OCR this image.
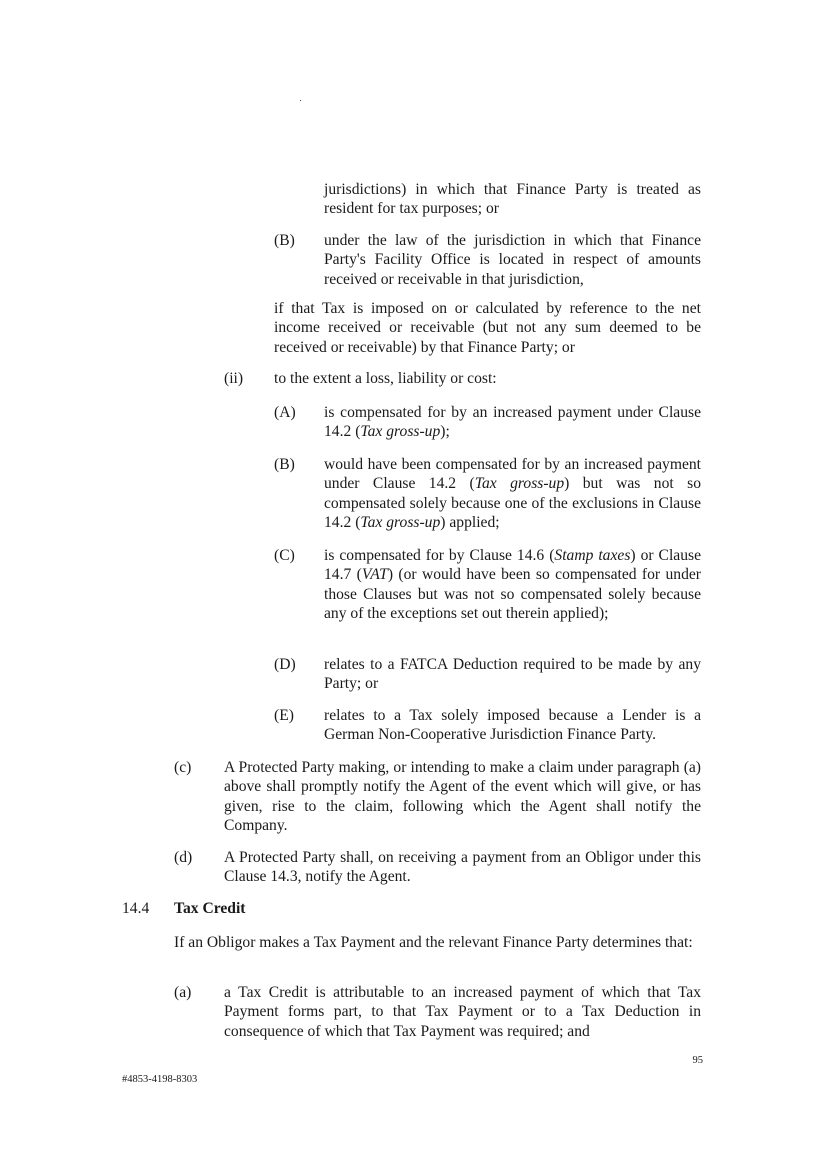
jurisdictions) in which that Finance Party is treated as resident for tax purposes; or
(B) under the law of the jurisdiction in which that Finance Party's Facility Office is located in respect of amounts received or receivable in that jurisdiction,
if that Tax is imposed on or calculated by reference to the net income received or receivable (but not any sum deemed to be received or receivable) by that Finance Party; or
(ii) to the extent a loss, liability or cost:
(A) is compensated for by an increased payment under Clause 14.2 (Tax gross-up);
(B) would have been compensated for by an increased payment under Clause 14.2 (Tax gross-up) but was not so compensated solely because one of the exclusions in Clause 14.2 (Tax gross-up) applied;
(C) is compensated for by Clause 14.6 (Stamp taxes) or Clause 14.7 (VAT) (or would have been so compensated for under those Clauses but was not so compensated solely because any of the exceptions set out therein applied);
(D) relates to a FATCA Deduction required to be made by any Party; or
(E) relates to a Tax solely imposed because a Lender is a German Non-Cooperative Jurisdiction Finance Party.
(c) A Protected Party making, or intending to make a claim under paragraph (a) above shall promptly notify the Agent of the event which will give, or has given, rise to the claim, following which the Agent shall notify the Company.
(d) A Protected Party shall, on receiving a payment from an Obligor under this Clause 14.3, notify the Agent.
14.4 Tax Credit
If an Obligor makes a Tax Payment and the relevant Finance Party determines that:
(a) a Tax Credit is attributable to an increased payment of which that Tax Payment forms part, to that Tax Payment or to a Tax Deduction in consequence of which that Tax Payment was required; and
95
#4853-4198-8303
